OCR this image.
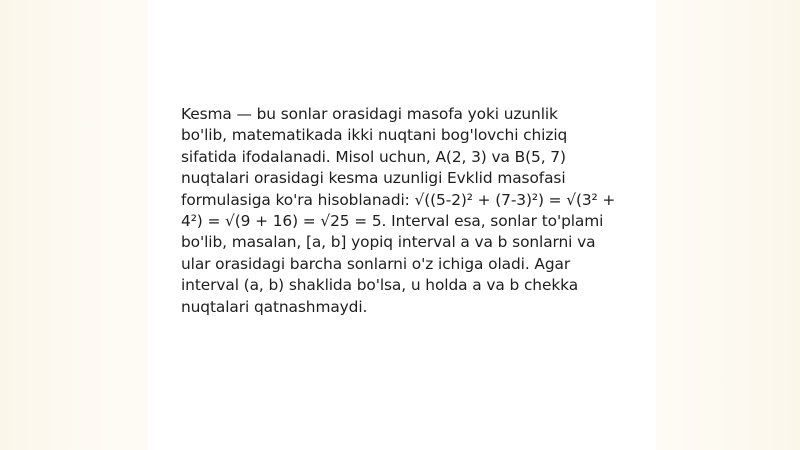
Kesma — bu sonlar orasidagi masofa yoki uzunlik
bo'lib, matematikada ikki nuqtani bog'lovchi chiziq
sifatida ifodalanadi. Misol uchun, A(2, 3) va B(5, 7)
nuqtalari orasidagi kesma uzunligi Evklid masofasi
formulasiga ko'ra hisoblanadi: √((5-2)² + (7-3)²) = √(3² +
4²) = √(9 + 16) = √25 = 5. Interval esa, sonlar to'plami
bo'lib, masalan, [a, b] yopiq interval a va b sonlarni va
ular orasidagi barcha sonlarni o'z ichiga oladi. Agar
interval (a, b) shaklida bo'lsa, u holda a va b chekka
nuqtalari qatnashmaydi.
